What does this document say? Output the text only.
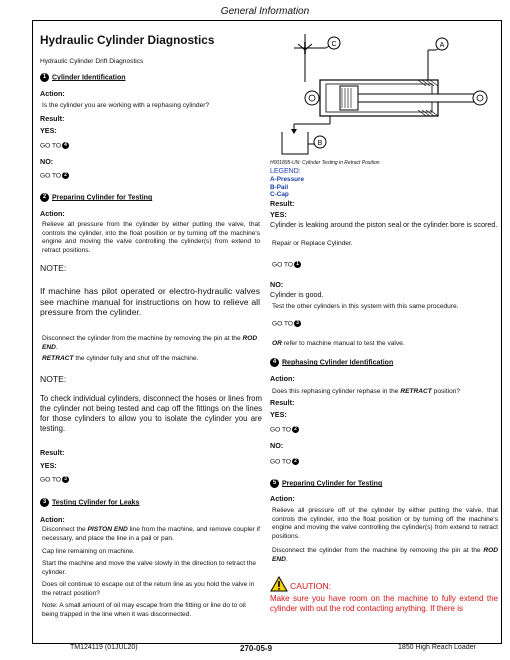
General Information
Hydraulic Cylinder Diagnostics
Hydraulic Cylinder Drift Diagnostics
1 Cylinder Identification
Action:
Is the cylinder you are working with a rephasing cylinder?
Result:
YES:
GO TO 4
NO:
GO TO 2
2 Preparing Cylinder for Testing
Action:
Relieve all pressure from the cylinder by either putting the valve, that controls the cylinder, into the float position or by turning off the machine's engine and moving the valve controlling the cylinder(s) from extend to retract positions.
NOTE:
If machine has pilot operated or electro-hydraulic valves see machine manual for instructions on how to relieve all pressure from the cylinder.
Disconnect the cylinder from the machine by removing the pin at the ROD END.
RETRACT the cylinder fully and shut off the machine.
NOTE:
To check individual cylinders, disconnect the hoses or lines from the cylinder not being tested and cap off the fittings on the lines for those cylinders to allow you to isolate the cylinder you are testing.
Result:
YES:
GO TO 3
3 Testing Cylinder for Leaks
Action:
Disconnect the PISTON END line from the machine, and remove coupler if necessary, and place the line in a pail or pan.
Cap line remaining on machine.
Start the machine and move the valve slowly in the direction to retract the cylinder.
Does oil continue to escape out of the return line as you hold the valve in the retract position?
Note: A small amount of oil may escape from the fitting or line do to oil being trapped in the line when it was disconnected.
C	A
B
H001895-UN: Cylinder Testing in Retract Position
LEGEND:
A-Pressure
B-Pail
C-Cap
Result:
YES:
Cylinder is leaking around the piston seal or the cylinder bore is scored.
Repair or Replace Cylinder.
GO TO 1
NO:
Cylinder is good.
Test the other cylinders in this system with this same procedure.
GO TO 3
OR refer to machine manual to test the valve.
4 Rephasing Cylinder Identification
Action:
Does this rephasing cylinder rephase in the RETRACT position?
Result:
YES:
GO TO 2
NO:
GO TO 2
5 Preparing Cylinder for Testing
Action:
Relieve all pressure off of the cylinder by either putting the valve, that controls the cylinder, into the float position or by turning off the machine's engine and moving the valve controlling the cylinder(s) from extend to retract positions.
Disconnect the cylinder from the machine by removing the pin at the ROD END.
CAUTION:
Make sure you have room on the machine to fully extend the cylinder with out the rod contacting anything. If there is
TM124119 (01JUL20)	270-05-9	1850 High Reach Loader
